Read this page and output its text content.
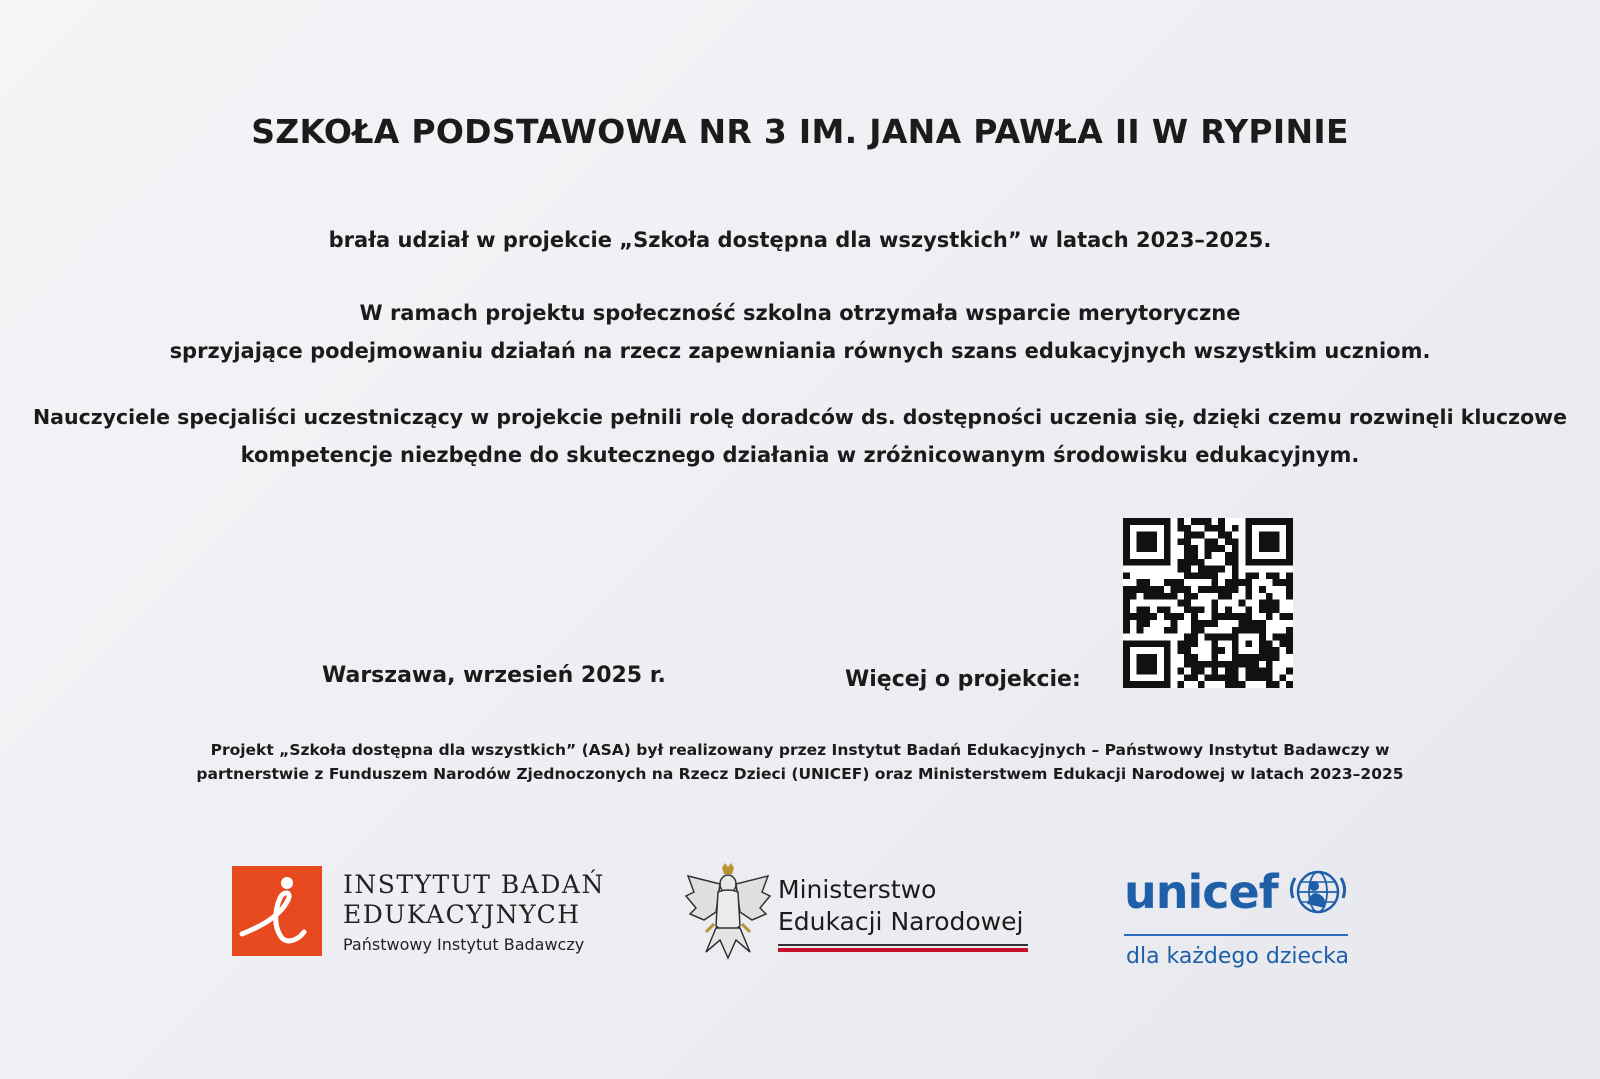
SZKOŁA PODSTAWOWA NR 3 IM. JANA PAWŁA II W RYPINIE
brała udział w projekcie „Szkoła dostępna dla wszystkich” w latach 2023–2025.
W ramach projektu społeczność szkolna otrzymała wsparcie merytoryczne
sprzyjające podejmowaniu działań na rzecz zapewniania równych szans edukacyjnych wszystkim uczniom.
Nauczyciele specjaliści uczestniczący w projekcie pełnili rolę doradców ds. dostępności uczenia się, dzięki czemu rozwinęli kluczowe
kompetencje niezbędne do skutecznego działania w zróżnicowanym środowisku edukacyjnym.
Warszawa, wrzesień 2025 r.	Więcej o projekcie:
Projekt „Szkoła dostępna dla wszystkich” (ASA) był realizowany przez Instytut Badań Edukacyjnych – Państwowy Instytut Badawczy w
partnerstwie z Funduszem Narodów Zjednoczonych na Rzecz Dzieci (UNICEF) oraz Ministerstwem Edukacji Narodowej w latach 2023–2025
INSTYTUT BADAŃ
EDUKACYJNYCH
Państwowy Instytut Badawczy
Ministerstwo
Edukacji Narodowej
unicef
dla każdego dziecka
